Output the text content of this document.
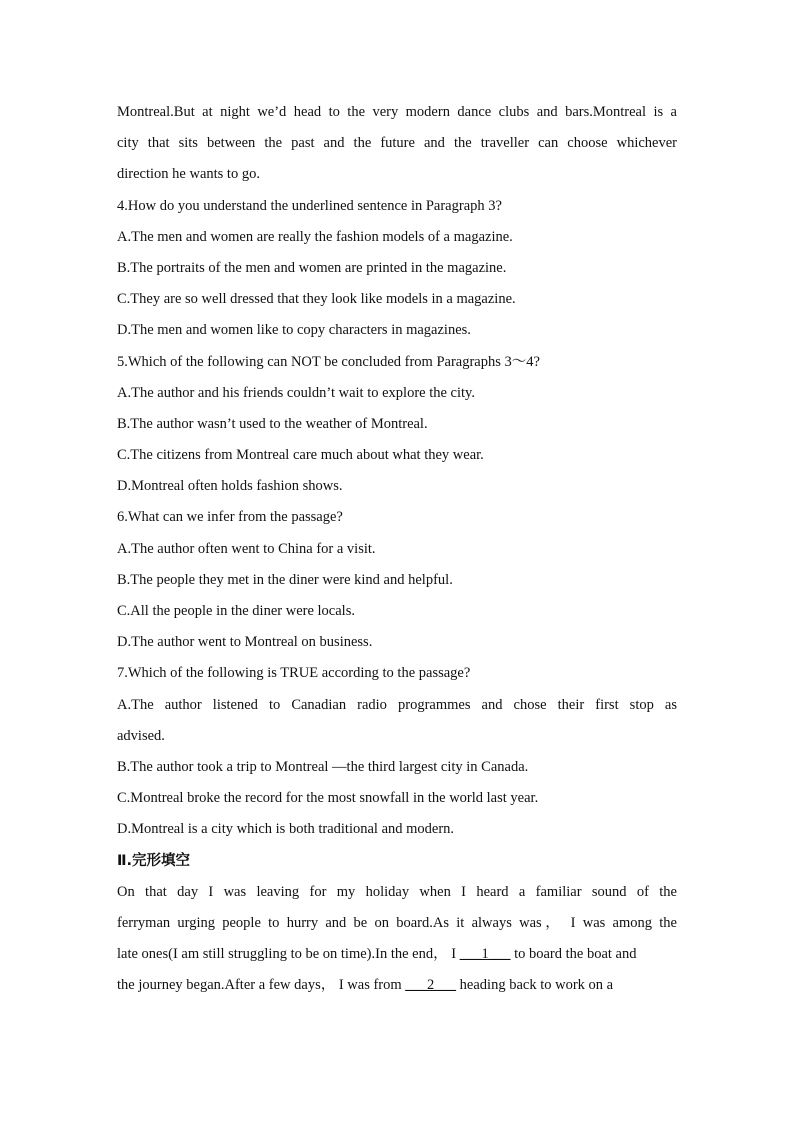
Montreal.But at night we’d head to the very modern dance clubs and bars.Montreal is a
city that sits between the past and the future and the traveller can choose whichever
direction he wants to go.
4.How do you understand the underlined sentence in Paragraph 3?
A.The men and women are really the fashion models of a magazine.
B.The portraits of the men and women are printed in the magazine.
C.They are so well dressed that they look like models in a magazine.
D.The men and women like to copy characters in magazines.
5.Which of the following can NOT be concluded from Paragraphs 3～4?
A.The author and his friends couldn’t wait to explore the city.
B.The author wasn’t used to the weather of Montreal.
C.The citizens from Montreal care much about what they wear.
D.Montreal often holds fashion shows.
6.What can we infer from the passage?
A.The author often went to China for a visit.
B.The people they met in the diner were kind and helpful.
C.All the people in the diner were locals.
D.The author went to Montreal on business.
7.Which of the following is TRUE according to the passage?
A.The author listened to Canadian radio programmes and chose their first stop as
advised.
B.The author took a trip to Montreal —the third largest city in Canada.
C.Montreal broke the record for the most snowfall in the world last year.
D.Montreal is a city which is both traditional and modern.
Ⅱ.完形填空
On that day I was leaving for my holiday when I heard a familiar sound of the
ferryman urging people to hurry and be on board.As it always was， I was among the
late ones(I am still struggling to be on time).In the end， I ___1___ to board the boat and
the journey began.After a few days， I was from ___2___ heading back to work on a
